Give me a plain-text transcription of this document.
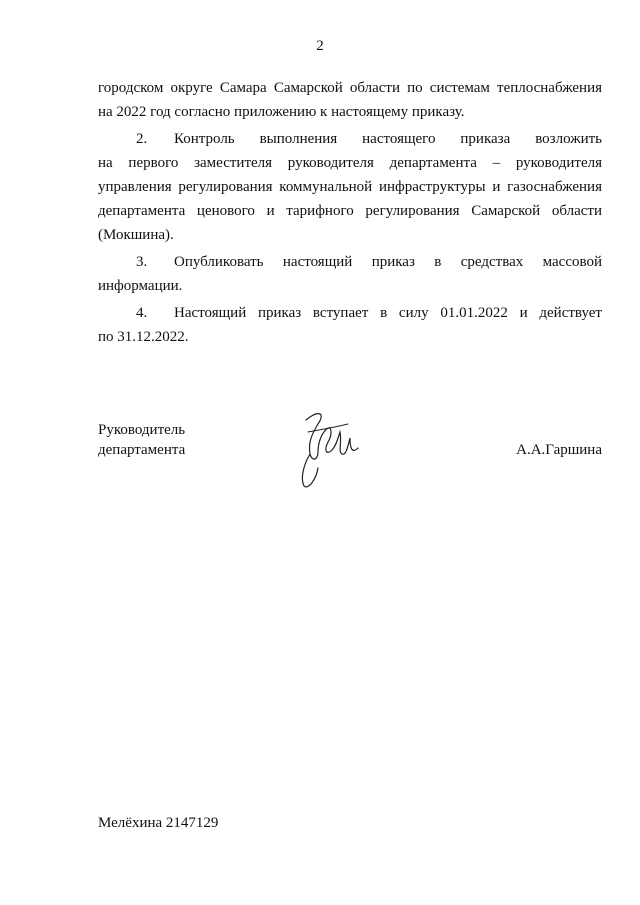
2
городском округе Самара Самарской области по системам теплоснабжения
на 2022 год согласно приложению к настоящему приказу.
2. Контроль выполнения настоящего приказа возложить
на первого заместителя руководителя департамента – руководителя
управления регулирования коммунальной инфраструктуры и газоснабжения
департамента ценового и тарифного регулирования Самарской области
(Мокшина).
3. Опубликовать настоящий приказ в средствах массовой
информации.
4. Настоящий приказ вступает в силу 01.01.2022 и действует
по 31.12.2022.
Руководитель
департамента	А.А.Гаршина
Мелёхина 2147129
